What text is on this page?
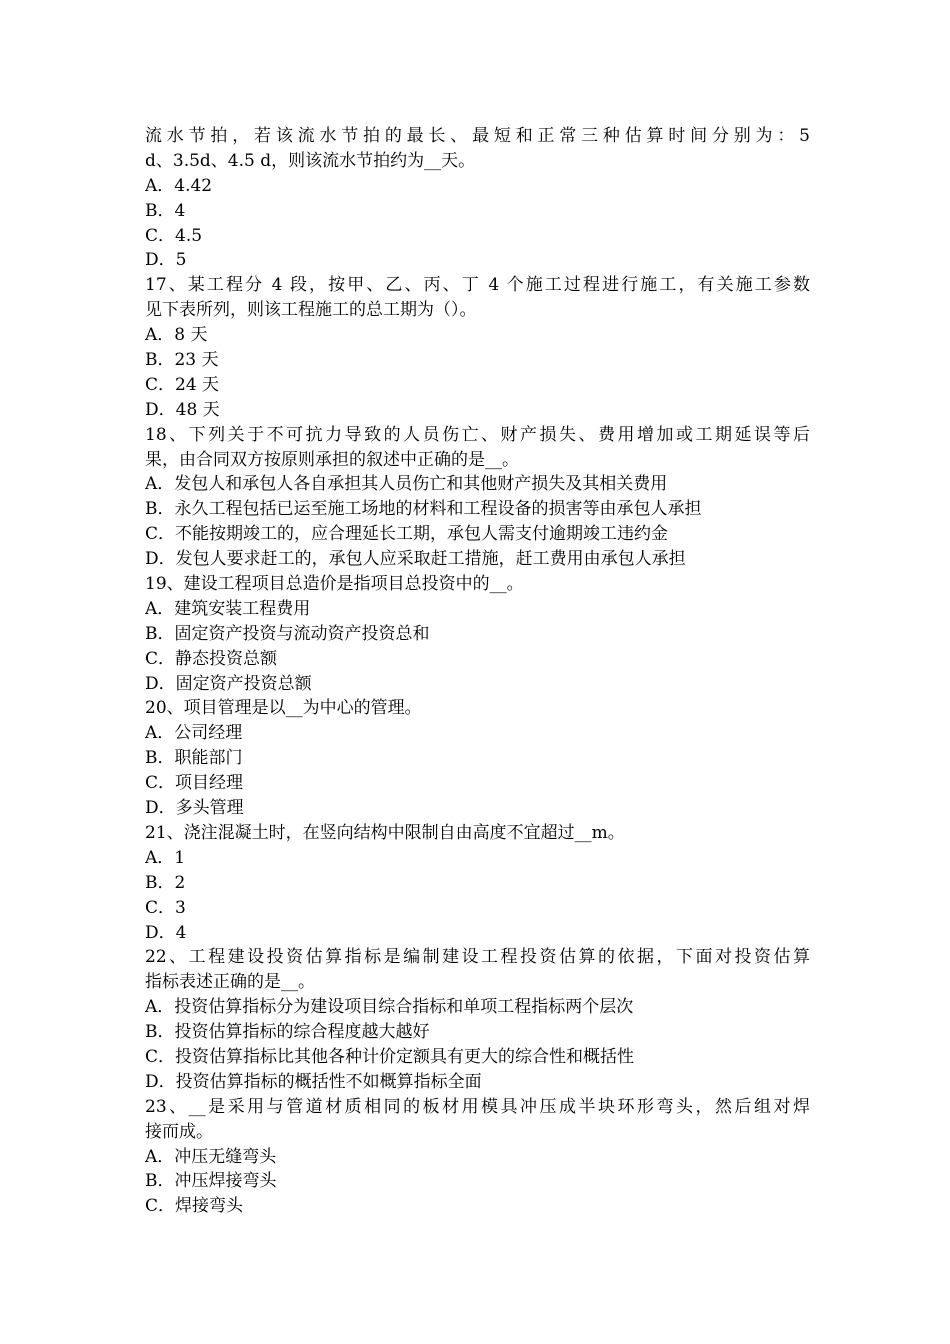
流水节拍，若该流水节拍的最长、最短和正常三种估算时间分别为：5
d、3.5d、4.5 d，则该流水节拍约为__天。
A．4.42
B．4
C．4.5
D．5
17、某工程分 4 段，按甲、乙、丙、丁 4 个施工过程进行施工，有关施工参数
见下表所列，则该工程施工的总工期为（）。
A．8 天
B．23 天
C．24 天
D．48 天
18、下列关于不可抗力导致的人员伤亡、财产损失、费用增加或工期延误等后
果，由合同双方按原则承担的叙述中正确的是__。
A．发包人和承包人各自承担其人员伤亡和其他财产损失及其相关费用
B．永久工程包括已运至施工场地的材料和工程设备的损害等由承包人承担
C．不能按期竣工的，应合理延长工期，承包人需支付逾期竣工违约金
D．发包人要求赶工的，承包人应采取赶工措施，赶工费用由承包人承担
19、建设工程项目总造价是指项目总投资中的__。
A．建筑安装工程费用
B．固定资产投资与流动资产投资总和
C．静态投资总额
D．固定资产投资总额
20、项目管理是以__为中心的管理。
A．公司经理
B．职能部门
C．项目经理
D．多头管理
21、浇注混凝土时，在竖向结构中限制自由高度不宜超过__m。
A．1
B．2
C．3
D．4
22、工程建设投资估算指标是编制建设工程投资估算的依据，下面对投资估算
指标表述正确的是__。
A．投资估算指标分为建设项目综合指标和单项工程指标两个层次
B．投资估算指标的综合程度越大越好
C．投资估算指标比其他各种计价定额具有更大的综合性和概括性
D．投资估算指标的概括性不如概算指标全面
23、__是采用与管道材质相同的板材用模具冲压成半块环形弯头，然后组对焊
接而成。
A．冲压无缝弯头
B．冲压焊接弯头
C．焊接弯头
